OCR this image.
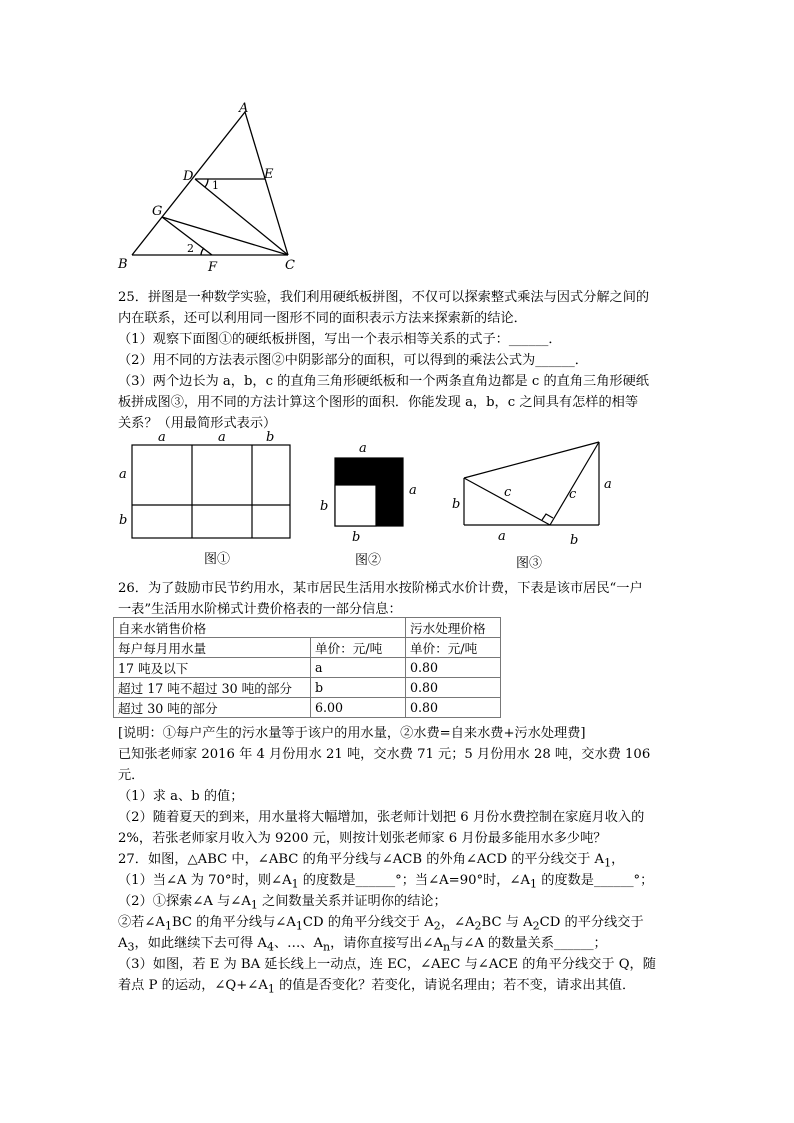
A
D	E
1
G
2
B	F	C
25．拼图是一种数学实验，我们利用硬纸板拼图，不仅可以探索整式乘法与因式分解之间的
内在联系，还可以利用同一图形不同的面积表示方法来探索新的结论．
（1）观察下面图①的硬纸板拼图，写出一个表示相等关系的式子：______．
（2）用不同的方法表示图②中阴影部分的面积，可以得到的乘法公式为______．
（3）两个边长为 a，b，c 的直角三角形硬纸板和一个两条直角边都是 c 的直角三角形硬纸
板拼成图③，用不同的方法计算这个图形的面积．你能发现 a，b，c 之间具有怎样的相等
关系？（用最简形式表示）
a	a	b
a
b
图①
a
a
b
b
图②
c	c
b
a
a	b
图③
26．为了鼓励市民节约用水，某市居民生活用水按阶梯式水价计费，下表是该市居民“一户
一表”生活用水阶梯式计费价格表的一部分信息：
自来水销售价格		污水处理价格
每户每月用水量	单价：元/吨	单价：元/吨
17 吨及以下	a	0.80
超过 17 吨不超过 30 吨的部分	b	0.80
超过 30 吨的部分	6.00	0.80
[说明：①每户产生的污水量等于该户的用水量，②水费=自来水费+污水处理费]
已知张老师家 2016 年 4 月份用水 21 吨，交水费 71 元；5 月份用水 28 吨，交水费 106
元．
（1）求 a、b 的值；
（2）随着夏天的到来，用水量将大幅增加，张老师计划把 6 月份水费控制在家庭月收入的
2%，若张老师家月收入为 9200 元，则按计划张老师家 6 月份最多能用水多少吨？
27．如图，△ABC 中，∠ABC 的角平分线与∠ACB 的外角∠ACD 的平分线交于 $A_1$，
（1）当∠A 为 70°时，则$\angle A_1$ 的度数是______°；当∠A=90°时，$\angle A_1$ 的度数是______°；
（2）①探索∠A 与$\angle A_1$ 之间数量关系并证明你的结论；
②若$\angle A_1BC$ 的角平分线与$\angle A_1CD$ 的角平分线交于 $A_2$，$\angle A_2BC$ 与 $A_2CD$ 的平分线交于
$A_3$，如此继续下去可得 $A_4$、…、$A_n$，请你直接写出$\angle A_n$与∠A 的数量关系______；
（3）如图，若 E 为 BA 延长线上一动点，连 EC，∠AEC 与∠ACE 的角平分线交于 Q，随
着点 P 的运动，$\angle Q+\angle A_1$ 的值是否变化？若变化，请说名理由；若不变，请求出其值．
